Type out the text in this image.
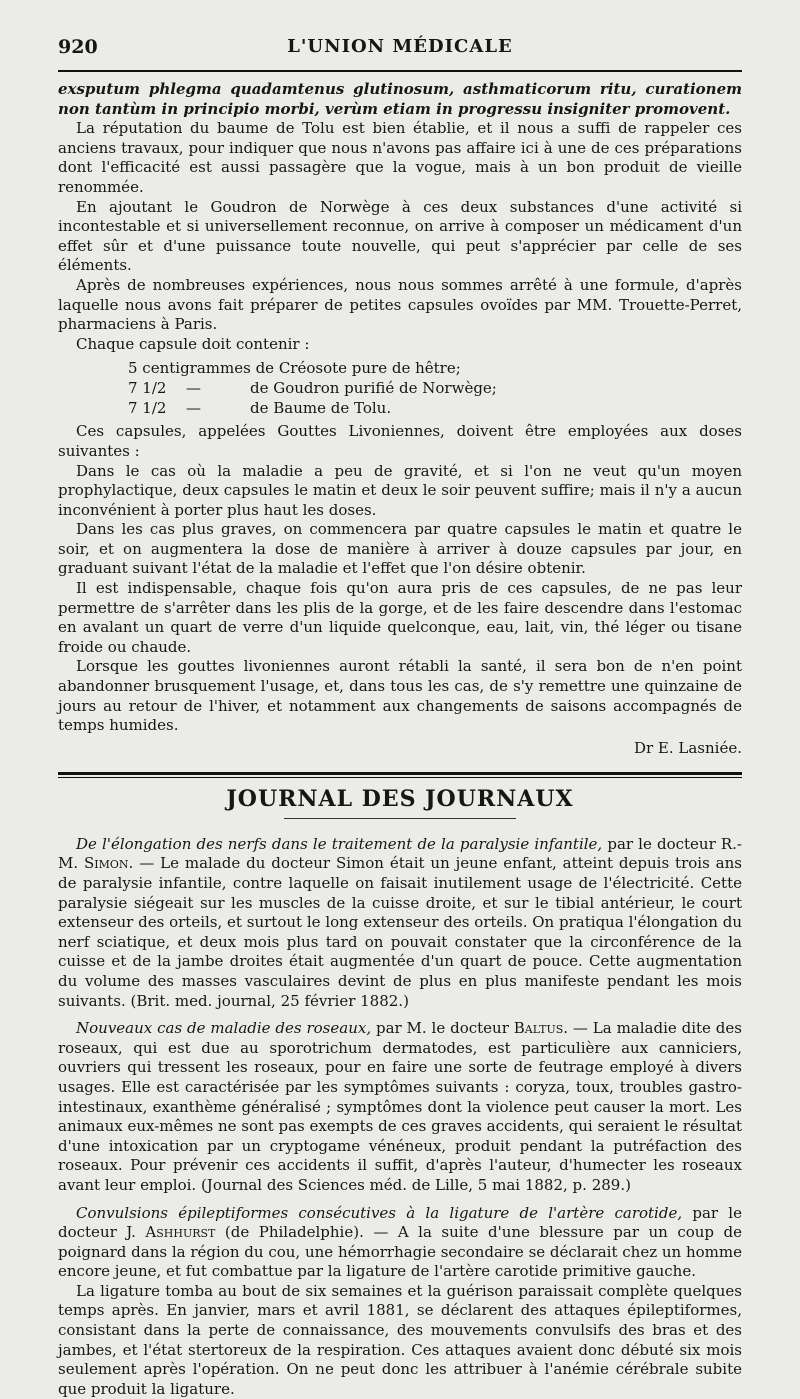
920	L'UNION MÉDICALE

exsputum phlegma quadamtenus glutinosum, asthmaticorum ritu, curationem non tantùm in principio morbi, verùm etiam in progressu insigniter promovent.

La réputation du baume de Tolu est bien établie, et il nous a suffi de rappeler ces anciens travaux, pour indiquer que nous n'avons pas affaire ici à une de ces préparations dont l'efficacité est aussi passagère que la vogue, mais à un bon produit de vieille renommée.

En ajoutant le Goudron de Norwège à ces deux substances d'une activité si incontestable et si universellement reconnue, on arrive à composer un médicament d'un effet sûr et d'une puissance toute nouvelle, qui peut s'apprécier par celle de ses éléments.

Après de nombreuses expériences, nous nous sommes arrêté à une formule, d'après laquelle nous avons fait préparer de petites capsules ovoïdes par MM. Trouette-Perret, pharmaciens à Paris.

Chaque capsule doit contenir :

5 centigrammes de Créosote pure de hêtre;
7 1/2	—	de Goudron purifié de Norwège;
7 1/2	—	de Baume de Tolu.

Ces capsules, appelées Gouttes Livoniennes, doivent être employées aux doses suivantes :

Dans le cas où la maladie a peu de gravité, et si l'on ne veut qu'un moyen prophylactique, deux capsules le matin et deux le soir peuvent suffire; mais il n'y a aucun inconvénient à porter plus haut les doses.

Dans les cas plus graves, on commencera par quatre capsules le matin et quatre le soir, et on augmentera la dose de manière à arriver à douze capsules par jour, en graduant suivant l'état de la maladie et l'effet que l'on désire obtenir.

Il est indispensable, chaque fois qu'on aura pris de ces capsules, de ne pas leur permettre de s'arrêter dans les plis de la gorge, et de les faire descendre dans l'estomac en avalant un quart de verre d'un liquide quelconque, eau, lait, vin, thé léger ou tisane froide ou chaude.

Lorsque les gouttes livoniennes auront rétabli la santé, il sera bon de n'en point abandonner brusquement l'usage, et, dans tous les cas, de s'y remettre une quinzaine de jours au retour de l'hiver, et notamment aux changements de saisons accompagnés de temps humides.

Dr E. Lasniée.
JOURNAL DES JOURNAUX

De l'élongation des nerfs dans le traitement de la paralysie infantile, par le docteur R.-M. Simon. — Le malade du docteur Simon était un jeune enfant, atteint depuis trois ans de paralysie infantile, contre laquelle on faisait inutilement usage de l'électricité. Cette paralysie siégeait sur les muscles de la cuisse droite, et sur le tibial antérieur, le court extenseur des orteils, et surtout le long extenseur des orteils. On pratiqua l'élongation du nerf sciatique, et deux mois plus tard on pouvait constater que la circonférence de la cuisse et de la jambe droites était augmentée d'un quart de pouce. Cette augmentation du volume des masses vasculaires devint de plus en plus manifeste pendant les mois suivants. (Brit. med. journal, 25 février 1882.)

Nouveaux cas de maladie des roseaux, par M. le docteur Baltus. — La maladie dite des roseaux, qui est due au sporotrichum dermatodes, est particulière aux canniciers, ouvriers qui tressent les roseaux, pour en faire une sorte de feutrage employé à divers usages. Elle est caractérisée par les symptômes suivants : coryza, toux, troubles gastro-intestinaux, exanthème généralisé ; symptômes dont la violence peut causer la mort. Les animaux eux-mêmes ne sont pas exempts de ces graves accidents, qui seraient le résultat d'une intoxication par un cryptogame vénéneux, produit pendant la putréfaction des roseaux. Pour prévenir ces accidents il suffit, d'après l'auteur, d'humecter les roseaux avant leur emploi. (Journal des Sciences méd. de Lille, 5 mai 1882, p. 289.)

Convulsions épileptiformes consécutives à la ligature de l'artère carotide, par le docteur J. Ashhurst (de Philadelphie). — A la suite d'une blessure par un coup de poignard dans la région du cou, une hémorrhagie secondaire se déclarait chez un homme encore jeune, et fut combattue par la ligature de l'artère carotide primitive gauche.

La ligature tomba au bout de six semaines et la guérison paraissait complète quelques temps après. En janvier, mars et avril 1881, se déclarent des attaques épileptiformes, consistant dans la perte de connaissance, des mouvements convulsifs des bras et des jambes, et l'état stertoreux de la respiration. Ces attaques avaient donc débuté six mois seulement après l'opération. On ne peut donc les attribuer à l'anémie cérébrale subite que produit la ligature.
